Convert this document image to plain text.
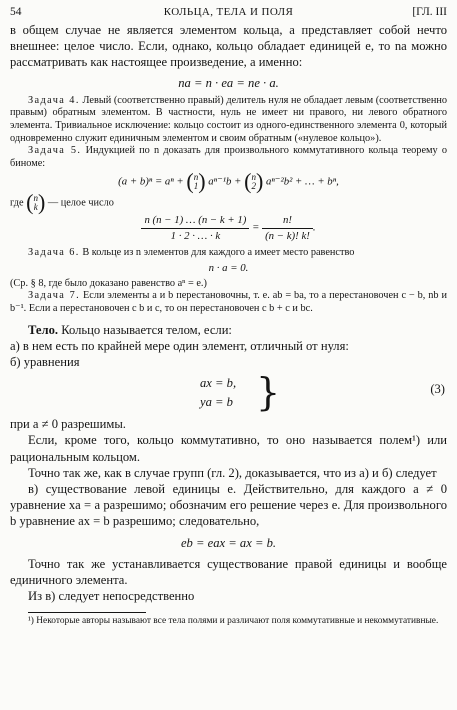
54	КОЛЬЦА, ТЕЛА И ПОЛЯ	[ГЛ. III

в общем случае не является элементом кольца, а представляет собой нечто внешнее: целое число. Если, однако, кольцо обладает единицей e, то na можно рассматривать как настоящее произведение, а именно:

na = n · ea = ne · a.

Задача 4. Левый (соответственно правый) делитель нуля не обладает левым (соответственно правым) обратным элементом. В частности, нуль не имеет ни правого, ни левого обратного элемента. Тривиальное исключение: кольцо состоит из одного-единственного элемента 0, который одновременно служит единичным элементом и своим обратным («нулевое кольцо»).

Задача 5. Индукцией по n доказать для произвольного коммутативного кольца теорему о биноме:

(a + b)ⁿ = aⁿ + ( n
1 ) aⁿ⁻¹b + ( n
2 ) aⁿ⁻²b² + … + bⁿ,

где ( n
k ) — целое число

$\frac{n (n - 1) \dots (n - k + 1)}{1 \cdot 2 \cdot \dots \cdot k} = \frac{n!}{(n - k)! k!}$ .

Задача 6. В кольце из n элементов для каждого a имеет место равенство

n · a = 0.

(Ср. § 8, где было доказано равенство aⁿ = e.)

Задача 7. Если элементы a и b перестановочны, т. е. ab = ba, то a перестановочен с − b, nb и b⁻¹. Если a перестановочен с b и c, то он перестановочен с b + c и bc.

Тело. Кольцо называется телом, если:

а) в нем есть по крайней мере один элемент, отличный от нуля:

б) уравнения

ax = b,
ya = b }	(3)

при a ≠ 0 разрешимы.

Если, кроме того, кольцо коммутативно, то оно называется полем¹) или рациональным кольцом.

Точно так же, как в случае групп (гл. 2), доказывается, что из а) и б) следует

в) существование левой единицы e. Действительно, для каждого a ≠ 0 уравнение xa = a разрешимо; обозначим его решение через e. Для произвольного b уравнение ax = b разрешимо; следовательно,

eb = eax = ax = b.

Точно так же устанавливается существование правой единицы и вообще единичного элемента.

Из в) следует непосредственно

¹) Некоторые авторы называют все тела полями и различают поля коммутативные и некоммутативные.
